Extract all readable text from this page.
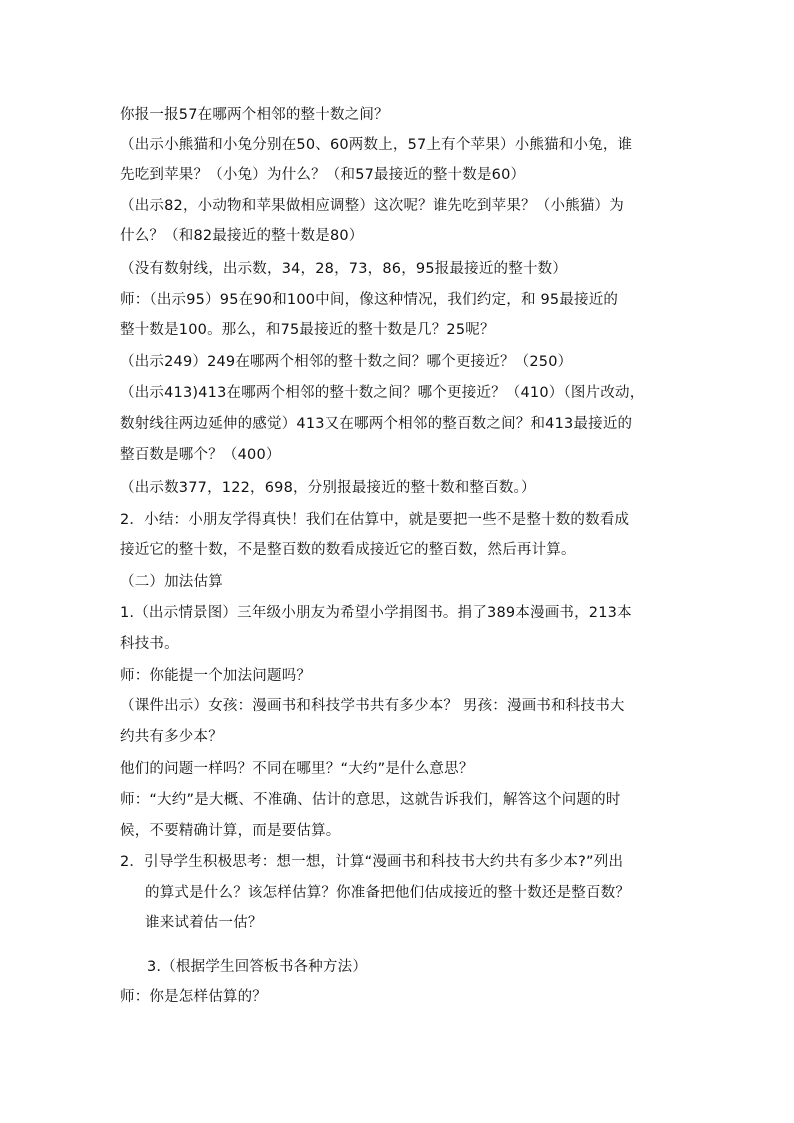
你报一报57在哪两个相邻的整十数之间？
（出示小熊猫和小兔分别在50、60两数上，57上有个苹果）小熊猫和小兔，谁
先吃到苹果？（小兔）为什么？（和57最接近的整十数是60）
（出示82，小动物和苹果做相应调整）这次呢？谁先吃到苹果？（小熊猫）为
什么？（和82最接近的整十数是80）
（没有数射线，出示数，34，28，73，86，95报最接近的整十数）
师：（出示95）95在90和100中间，像这种情况，我们约定，和 95最接近的
整十数是100。那么，和75最接近的整十数是几？25呢？
（出示249）249在哪两个相邻的整十数之间？哪个更接近？（250）
（出示413)413在哪两个相邻的整十数之间？哪个更接近？（410）（图片改动，
数射线往两边延伸的感觉）413又在哪两个相邻的整百数之间？和413最接近的
整百数是哪个？（400）
（出示数377，122，698，分别报最接近的整十数和整百数。）
2．小结：小朋友学得真快！我们在估算中，就是要把一些不是整十数的数看成
接近它的整十数，不是整百数的数看成接近它的整百数，然后再计算。
（二）加法估算
1.（出示情景图）三年级小朋友为希望小学捐图书。捐了389本漫画书，213本
科技书。
师：你能提一个加法问题吗？
（课件出示）女孩：漫画书和科技学书共有多少本？ 男孩：漫画书和科技书大
约共有多少本？
他们的问题一样吗？不同在哪里？“大约”是什么意思？
师：“大约”是大概、不准确、估计的意思，这就告诉我们，解答这个问题的时
候，不要精确计算，而是要估算。
2．引导学生积极思考：想一想，计算“漫画书和科技书大约共有多少本?”列出
的算式是什么？该怎样估算？你准备把他们估成接近的整十数还是整百数？
谁来试着估一估？
3.（根据学生回答板书各种方法）
师：你是怎样估算的？
